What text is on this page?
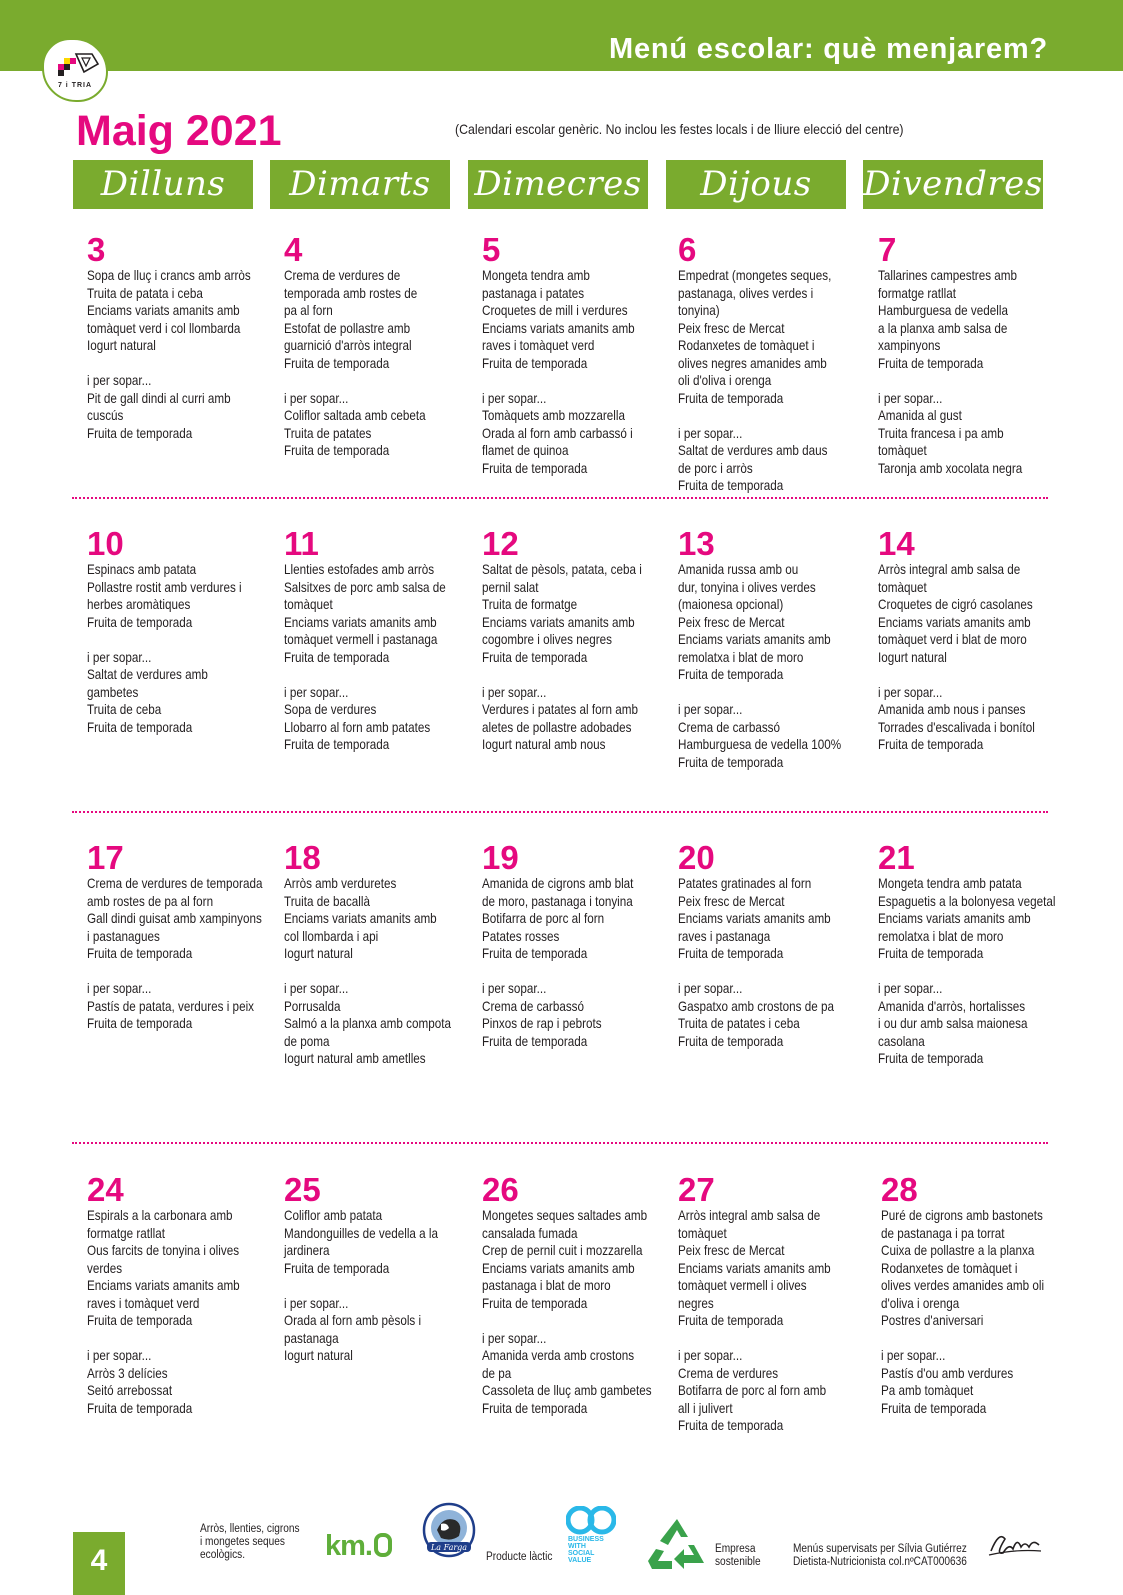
Menú escolar: què menjarem?
7 i TRIA
Maig 2021	(Calendari escolar genèric. No inclou les festes locals i de lliure elecció del centre)
Dilluns	Dimarts	Dimecres	Dijous	Divendres
3
Sopa de lluç i crancs amb arròs
Truita de patata i ceba
Enciams variats amanits amb
tomàquet verd i col llombarda
Iogurt natural
i per sopar...
Pit de gall dindi al curri amb
cuscús
Fruita de temporada
4
Crema de verdures de
temporada amb rostes de
pa al forn
Estofat de pollastre amb
guarnició d'arròs integral
Fruita de temporada
i per sopar...
Coliflor saltada amb cebeta
Truita de patates
Fruita de temporada
5
Mongeta tendra amb
pastanaga i patates
Croquetes de mill i verdures
Enciams variats amanits amb
raves i tomàquet verd
Fruita de temporada
i per sopar...
Tomàquets amb mozzarella
Orada al forn amb carbassó i
flamet de quinoa
Fruita de temporada
6
Empedrat (mongetes seques,
pastanaga, olives verdes i
tonyina)
Peix fresc de Mercat
Rodanxetes de tomàquet i
olives negres amanides amb
oli d'oliva i orenga
Fruita de temporada
i per sopar...
Saltat de verdures amb daus
de porc i arròs
Fruita de temporada
7
Tallarines campestres amb
formatge ratllat
Hamburguesa de vedella
a la planxa amb salsa de
xampinyons
Fruita de temporada
i per sopar...
Amanida al gust
Truita francesa i pa amb
tomàquet
Taronja amb xocolata negra
10
Espinacs amb patata
Pollastre rostit amb verdures i
herbes aromàtiques
Fruita de temporada
i per sopar...
Saltat de verdures amb
gambetes
Truita de ceba
Fruita de temporada
11
Llenties estofades amb arròs
Salsitxes de porc amb salsa de
tomàquet
Enciams variats amanits amb
tomàquet vermell i pastanaga
Fruita de temporada
i per sopar...
Sopa de verdures
Llobarro al forn amb patates
Fruita de temporada
12
Saltat de pèsols, patata, ceba i
pernil salat
Truita de formatge
Enciams variats amanits amb
cogombre i olives negres
Fruita de temporada
i per sopar...
Verdures i patates al forn amb
aletes de pollastre adobades
Iogurt natural amb nous
13
Amanida russa amb ou
dur, tonyina i olives verdes
(maionesa opcional)
Peix fresc de Mercat
Enciams variats amanits amb
remolatxa i blat de moro
Fruita de temporada
i per sopar...
Crema de carbassó
Hamburguesa de vedella 100%
Fruita de temporada
14
Arròs integral amb salsa de
tomàquet
Croquetes de cigró casolanes
Enciams variats amanits amb
tomàquet verd i blat de moro
Iogurt natural
i per sopar...
Amanida amb nous i panses
Torrades d'escalivada i bonítol
Fruita de temporada
17
Crema de verdures de temporada
amb rostes de pa al forn
Gall dindi guisat amb xampinyons
i pastanagues
Fruita de temporada
i per sopar...
Pastís de patata, verdures i peix
Fruita de temporada
18
Arròs amb verduretes
Truita de bacallà
Enciams variats amanits amb
col llombarda i api
Iogurt natural
i per sopar...
Porrusalda
Salmó a la planxa amb compota
de poma
Iogurt natural amb ametlles
19
Amanida de cigrons amb blat
de moro, pastanaga i tonyina
Botifarra de porc al forn
Patates rosses
Fruita de temporada
i per sopar...
Crema de carbassó
Pinxos de rap i pebrots
Fruita de temporada
20
Patates gratinades al forn
Peix fresc de Mercat
Enciams variats amanits amb
raves i pastanaga
Fruita de temporada
i per sopar...
Gaspatxo amb crostons de pa
Truita de patates i ceba
Fruita de temporada
21
Mongeta tendra amb patata
Espaguetis a la bolonyesa vegetal
Enciams variats amanits amb
remolatxa i blat de moro
Fruita de temporada
i per sopar...
Amanida d'arròs, hortalisses
i ou dur amb salsa maionesa
casolana
Fruita de temporada
24
Espirals a la carbonara amb
formatge ratllat
Ous farcits de tonyina i olives
verdes
Enciams variats amanits amb
raves i tomàquet verd
Fruita de temporada
i per sopar...
Arròs 3 delícies
Seitó arrebossat
Fruita de temporada
25
Coliflor amb patata
Mandonguilles de vedella a la
jardinera
Fruita de temporada
i per sopar...
Orada al forn amb pèsols i
pastanaga
Iogurt natural
26
Mongetes seques saltades amb
cansalada fumada
Crep de pernil cuit i mozzarella
Enciams variats amanits amb
pastanaga i blat de moro
Fruita de temporada
i per sopar...
Amanida verda amb crostons
de pa
Cassoleta de lluç amb gambetes
Fruita de temporada
27
Arròs integral amb salsa de
tomàquet
Peix fresc de Mercat
Enciams variats amanits amb
tomàquet vermell i olives
negres
Fruita de temporada
i per sopar...
Crema de verdures
Botifarra de porc al forn amb
all i julivert
Fruita de temporada
28
Puré de cigrons amb bastonets
de pastanaga i pa torrat
Cuixa de pollastre a la planxa
Rodanxetes de tomàquet i
olives verdes amanides amb oli
d'oliva i orenga
Postres d'aniversari
i per sopar...
Pastís d'ou amb verdures
Pa amb tomàquet
Fruita de temporada
4
Arròs, llenties, cigrons
i mongetes seques
ecològics.	km.	La Farga
Producte làctic
BUSINESS
WITH
SOCIAL
VALUE
Empresa
sostenible
Menús supervisats per Sílvia Gutiérrez
Dietista-Nutricionista col.nºCAT000636
